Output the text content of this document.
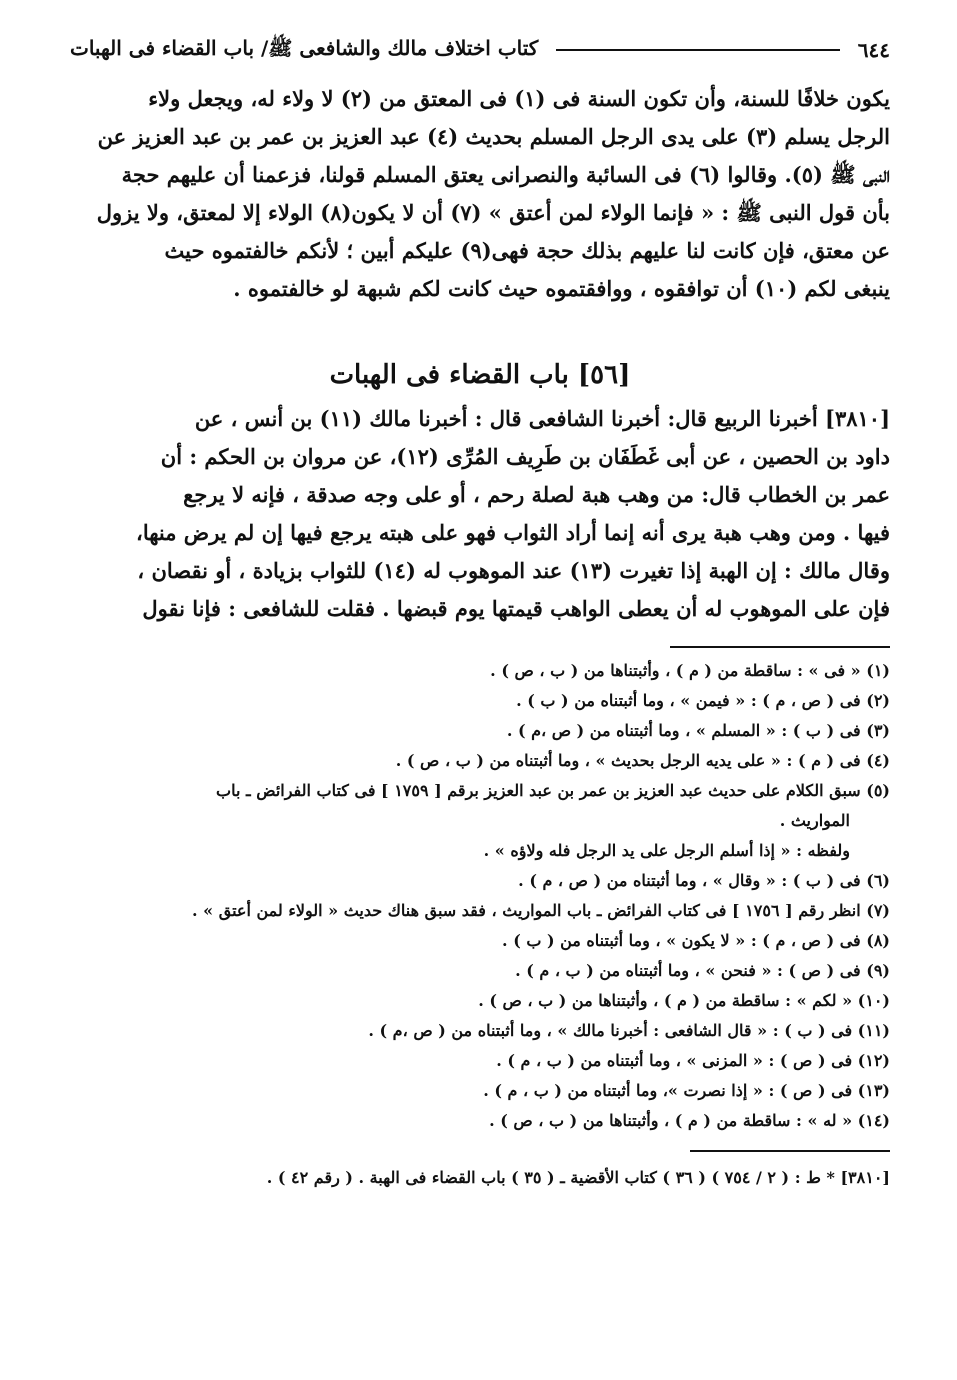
٦٤٤
كتاب اختلاف مالك والشافعى ﷺ/ باب القضاء فى الهبات

يكون خلافًا للسنة، وأن تكون السنة فى (١) فى المعتق من (٢) لا ولاء له، ويجعل ولاء

الرجل يسلم (٣) على يدى الرجل المسلم بحديث (٤) عبد العزيز بن عمر بن عبد العزيز عن

النبى ﷺ (٥). وقالوا (٦) فى السائبة والنصرانى يعتق المسلم قولنا، فزعمنا أن عليهم حجة

بأن قول النبى ﷺ : « فإنما الولاء لمن أعتق » (٧) أن لا يكون(٨) الولاء إلا لمعتق، ولا يزول

عن معتق، فإن كانت لنا عليهم بذلك حجة فهى(٩) عليكم أبين ؛ لأنكم خالفتموه حيث

ينبغى لكم (١٠) أن توافقوه ، ووافقتموه حيث كانت لكم شبهة لو خالفتموه .

[٥٦] باب القضاء فى الهبات

[٣٨١٠] أخبرنا الربيع قال: أخبرنا الشافعى قال : أخبرنا مالك (١١) بن أنس ، عن

داود بن الحصين ، عن أبى غَطَفَان بن طَرِيف المُرِّى (١٢)، عن مروان بن الحكم : أن

عمر بن الخطاب قال: من وهب هبة لصلة رحم ، أو على وجه صدقة ، فإنه لا يرجع

فيها . ومن وهب هبة يرى أنه إنما أراد الثواب فهو على هبته يرجع فيها إن لم يرض منها،

وقال مالك : إن الهبة إذا تغيرت (١٣) عند الموهوب له (١٤) للثواب بزيادة ، أو نقصان ،

فإن على الموهوب له أن يعطى الواهب قيمتها يوم قبضها . فقلت للشافعى : فإنا نقول

(١) « فى » : ساقطة من ( م ) ، وأثبتناها من ( ب ، ص ) .

(٢) فى ( ص ، م ) : « فيمن » ، وما أثبتناه من ( ب ) .

(٣) فى ( ب ) : « المسلم » ، وما أثبتناه من ( ص ،م ) .

(٤) فى ( م ) : « على يديه الرجل بحديث » ، وما أثبتناه من ( ب ، ص ) .

(٥) سبق الكلام على حديث عبد العزيز بن عمر بن عبد العزيز برقم [ ١٧٥٩ ] فى كتاب الفرائض ـ باب

المواريث .

ولفظه : « إذا أسلم الرجل على يد الرجل فله ولاؤه » .

(٦) فى ( ب ) : « وقال » ، وما أثبتناه من ( ص ، م ) .

(٧) انظر رقم [ ١٧٥٦ ] فى كتاب الفرائض ـ باب المواريث ، فقد سبق هناك حديث « الولاء لمن أعتق » .

(٨) فى ( ص ، م ) : « لا يكون » ، وما أثبتناه من ( ب ) .

(٩) فى ( ص ) : « فنحن » ، وما أثبتناه من ( ب ، م ) .

(١٠) « لكم » : ساقطة من ( م ) ، وأثبتناها من ( ب ، ص ) .

(١١) فى ( ب ) : « قال الشافعى : أخبرنا مالك » ، وما أثبتناه من ( ص ،م ) .

(١٢) فى ( ص ) : « المزنى » ، وما أثبتناه من ( ب ، م ) .

(١٣) فى ( ص ) : « إذا نصرت »، وما أثبتناه من ( ب ، م ) .

(١٤) « له » : ساقطة من ( م ) ، وأثبتناها من ( ب ، ص ) .

[٣٨١٠] * ط : ( ٢ / ٧٥٤ ) ( ٣٦ ) كتاب الأقضية ـ ( ٣٥ ) باب القضاء فى الهبة . ( رقم ٤٢ ) .
